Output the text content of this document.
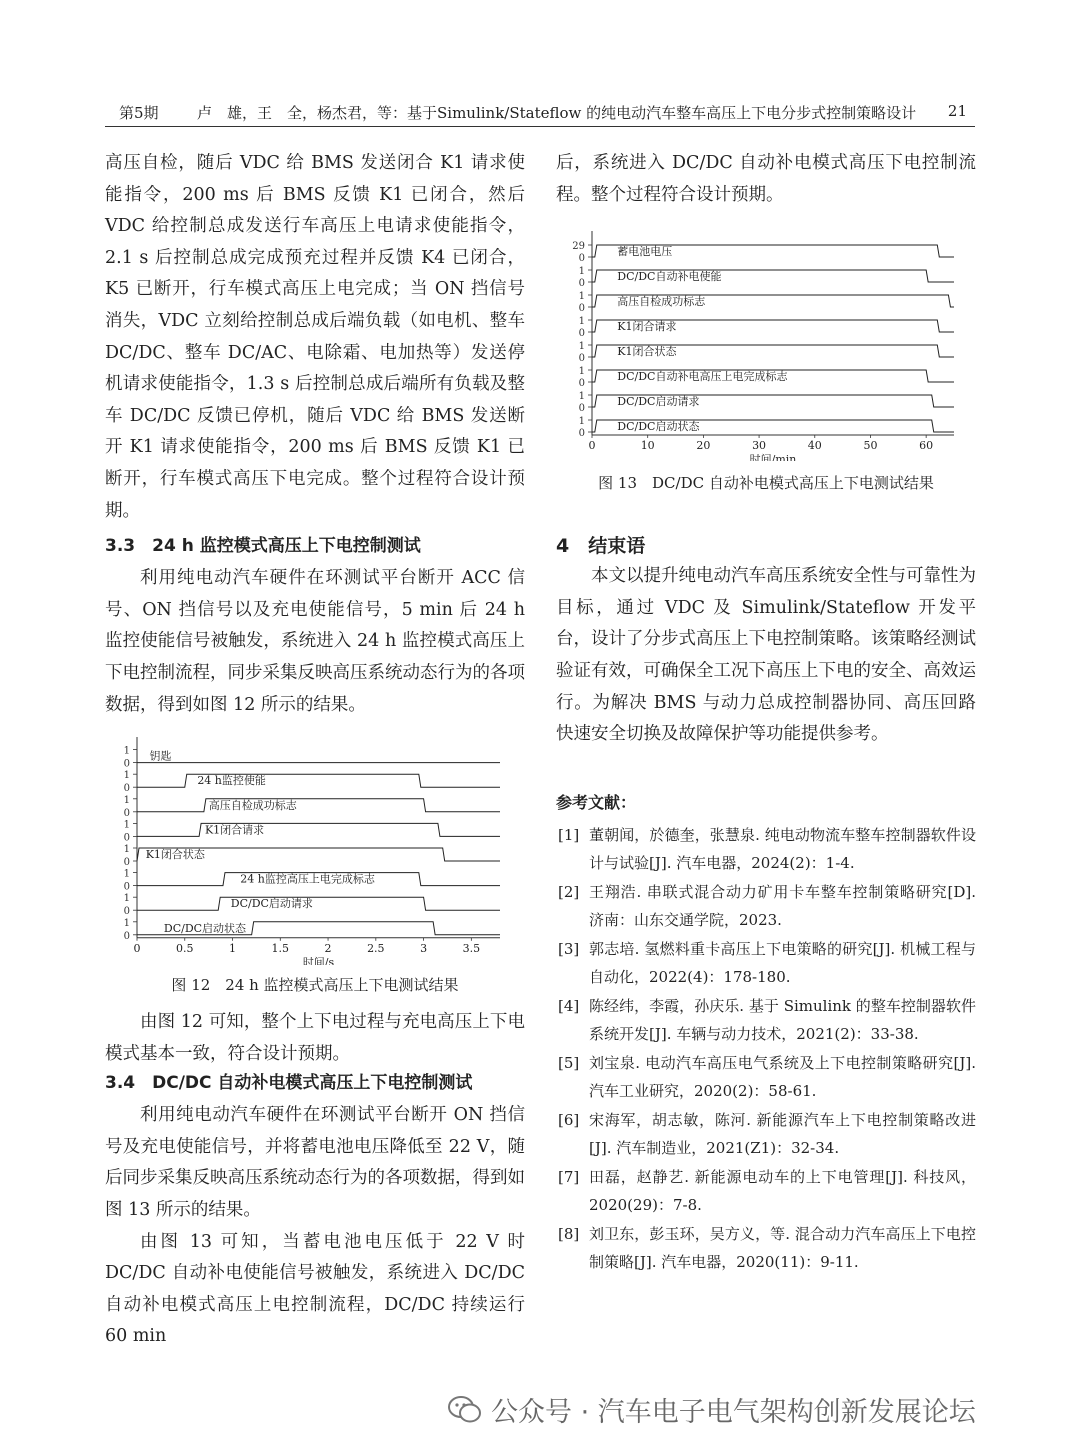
第5期	卢　雄，王　全，杨杰君，等：基于Simulink/Stateflow 的纯电动汽车整车高压上下电分步式控制策略设计 21

高压自检，随后 VDC 给 BMS 发送闭合 K1 请求使能指令，200 ms 后 BMS 反馈 K1 已闭合，然后 VDC 给控制总成发送行车高压上电请求使能指令，2.1 s 后控制总成完成预充过程并反馈 K4 已闭合，K5 已断开，行车模式高压上电完成；当 ON 挡信号消失，VDC 立刻给控制总成后端负载（如电机、整车 DC/DC、整车 DC/AC、电除霜、电加热等）发送停机请求使能指令，1.3 s 后控制总成后端所有负载及整车 DC/DC 反馈已停机，随后 VDC 给 BMS 发送断开 K1 请求使能指令，200 ms 后 BMS 反馈 K1 已断开，行车模式高压下电完成。整个过程符合设计预期。

3.3　24 h 监控模式高压上下电控制测试

利用纯电动汽车硬件在环测试平台断开 ACC 信号、ON 挡信号以及充电使能信号，5 min 后 24 h 监控使能信号被触发，系统进入 24 h 监控模式高压上下电控制流程，同步采集反映高压系统动态行为的各项数据，得到如图 12 所示的结果。

1
0
钥匙
1
0
24 h监控使能
1
0
高压自检成功标志
1
0
K1闭合请求
1
0
K1闭合状态
1
0
24 h监控高压上电完成标志
1
0
DC/DC启动请求
1
0
DC/DC启动状态
0	0.5	1	1.5	2	2.5	3	3.5
时间/s
图 12　24 h 监控模式高压上下电测试结果

由图 12 可知，整个上下电过程与充电高压上下电模式基本一致，符合设计预期。

3.4　DC/DC 自动补电模式高压上下电控制测试

利用纯电动汽车硬件在环测试平台断开 ON 挡信号及充电使能信号，并将蓄电池电压降低至 22 V，随后同步采集反映高压系统动态行为的各项数据，得到如图 13 所示的结果。

由图 13 可知，当蓄电池电压低于 22 V 时 DC/DC 自动补电使能信号被触发，系统进入 DC/DC 自动补电模式高压上电控制流程，DC/DC 持续运行 60 min

后，系统进入 DC/DC 自动补电模式高压下电控制流程。整个过程符合设计预期。

29
0
蓄电池电压
1
0
DC/DC自动补电使能
1
0
高压自检成功标志
1
0
K1闭合请求
1
0
K1闭合状态
1
0
DC/DC自动补电高压上电完成标志
1
0
DC/DC启动请求
1
0
DC/DC启动状态
0	10	20	30	40	50	60
时间/min
图 13　DC/DC 自动补电模式高压上下电测试结果
4　结束语

本文以提升纯电动汽车高压系统安全性与可靠性为目标，通过 VDC 及 Simulink/Stateflow 开发平台，设计了分步式高压上下电控制策略。该策略经测试验证有效，可确保全工况下高压上下电的安全、高效运行。为解决 BMS 与动力总成控制器协同、高压回路快速安全切换及故障保护等功能提供参考。

参考文献：

[1] 董朝闻，於德奎，张慧泉. 纯电动物流车整车控制器软件设计与试验[J]. 汽车电器，2024(2)：1-4.
[2] 王翔浩. 串联式混合动力矿用卡车整车控制策略研究[D]. 济南：山东交通学院，2023.
[3] 郭志培. 氢燃料重卡高压上下电策略的研究[J]. 机械工程与自动化，2022(4)：178-180.
[4] 陈经纬，李霞，孙庆乐. 基于 Simulink 的整车控制器软件系统开发[J]. 车辆与动力技术，2021(2)：33-38.
[5] 刘宝泉. 电动汽车高压电气系统及上下电控制策略研究[J]. 汽车工业研究，2020(2)：58-61.
[6] 宋海军，胡志敏，陈河. 新能源汽车上下电控制策略改进[J]. 汽车制造业，2021(Z1)：32-34.
[7] 田磊，赵静艺. 新能源电动车的上下电管理[J]. 科技风，2020(29)：7-8.
[8] 刘卫东，彭玉环，吴方义，等. 混合动力汽车高压上下电控制策略[J]. 汽车电器，2020(11)：9-11.
公众号 · 汽车电子电气架构创新发展论坛
